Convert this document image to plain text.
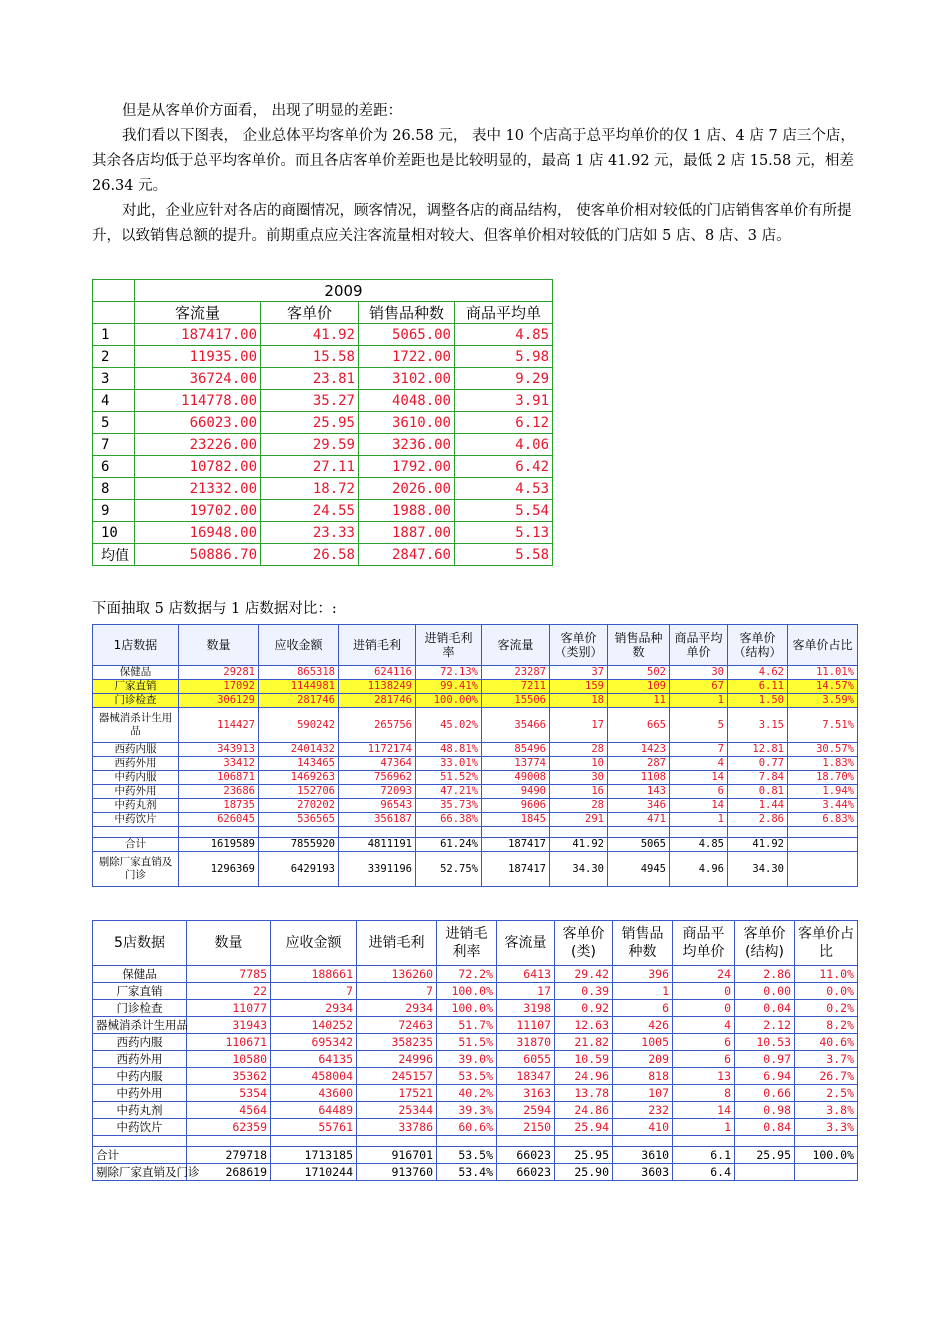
但是从客单价方面看， 出现了明显的差距：

我们看以下图表， 企业总体平均客单价为 26.58 元， 表中 10 个店高于总平均单价的仅 1 店、4 店 7 店三个店，其余各店均低于总平均客单价。而且各店客单价差距也是比较明显的，最高 1 店 41.92 元，最低 2 店 15.58 元，相差 26.34 元。

对此，企业应针对各店的商圈情况，顾客情况，调整各店的商品结构， 使客单价相对较低的门店销售客单价有所提升，以致销售总额的提升。前期重点应关注客流量相对较大、但客单价相对较低的门店如 5 店、8 店、3 店。

	2009			
	客流量	客单价	销售品种数	商品平均单
1	187417.00	41.92	5065.00	4.85
2	11935.00	15.58	1722.00	5.98
3	36724.00	23.81	3102.00	9.29
4	114778.00	35.27	4048.00	3.91
5	66023.00	25.95	3610.00	6.12
7	23226.00	29.59	3236.00	4.06
6	10782.00	27.11	1792.00	6.42
8	21332.00	18.72	2026.00	4.53
9	19702.00	24.55	1988.00	5.54
10	16948.00	23.33	1887.00	5.13
均值	50886.70	26.58	2847.60	5.58

下面抽取 5 店数据与 1 店数据对比：:

1店数据	数量	应收金额	进销毛利	进销毛利率	客流量	客单价（类别）	销售品种数	商品平均单价	客单价（结构）	客单价占比
保健品	29281	865318	624116	72.13%	23287	37	502	30	4.62	11.01%
厂家直销	17092	1144981	1138249	99.41%	7211	159	109	67	6.11	14.57%
门诊检查	306129	281746	281746	100.00%	15506	18	11	1	1.50	3.59%
器械消杀计生用品	114427	590242	265756	45.02%	35466	17	665	5	3.15	7.51%
西药内服	343913	2401432	1172174	48.81%	85496	28	1423	7	12.81	30.57%
西药外用	33412	143465	47364	33.01%	13774	10	287	4	0.77	1.83%
中药内服	106871	1469263	756962	51.52%	49008	30	1108	14	7.84	18.70%
中药外用	23686	152706	72093	47.21%	9490	16	143	6	0.81	1.94%
中药丸剂	18735	270202	96543	35.73%	9606	28	346	14	1.44	3.44%
中药饮片	626045	536565	356187	66.38%	1845	291	471	1	2.86	6.83%

合计	1619589	7855920	4811191	61.24%	187417	41.92	5065	4.85	41.92	
剔除厂家直销及门诊	1296369	6429193	3391196	52.75%	187417	34.30	4945	4.96	34.30	
5店数据	数量	应收金额	进销毛利	进销毛利率	客流量	客单价(类)	销售品种数	商品平均单价	客单价(结构)	客单价占比
保健品	7785	188661	136260	72.2%	6413	29.42	396	24	2.86	11.0%
厂家直销	22	7	7	100.0%	17	0.39	1	0	0.00	0.0%
门诊检查	11077	2934	2934	100.0%	3198	0.92	6	0	0.04	0.2%
器械消杀计生用品	31943	140252	72463	51.7%	11107	12.63	426	4	2.12	8.2%
西药内服	110671	695342	358235	51.5%	31870	21.82	1005	6	10.53	40.6%
西药外用	10580	64135	24996	39.0%	6055	10.59	209	6	0.97	3.7%
中药内服	35362	458004	245157	53.5%	18347	24.96	818	13	6.94	26.7%
中药外用	5354	43600	17521	40.2%	3163	13.78	107	8	0.66	2.5%
中药丸剂	4564	64489	25344	39.3%	2594	24.86	232	14	0.98	3.8%
中药饮片	62359	55761	33786	60.6%	2150	25.94	410	1	0.84	3.3%

合计	279718	1713185	916701	53.5%	66023	25.95	3610	6.1	25.95	100.0%
剔除厂家直销及门诊	268619	1710244	913760	53.4%	66023	25.90	3603	6.4		
